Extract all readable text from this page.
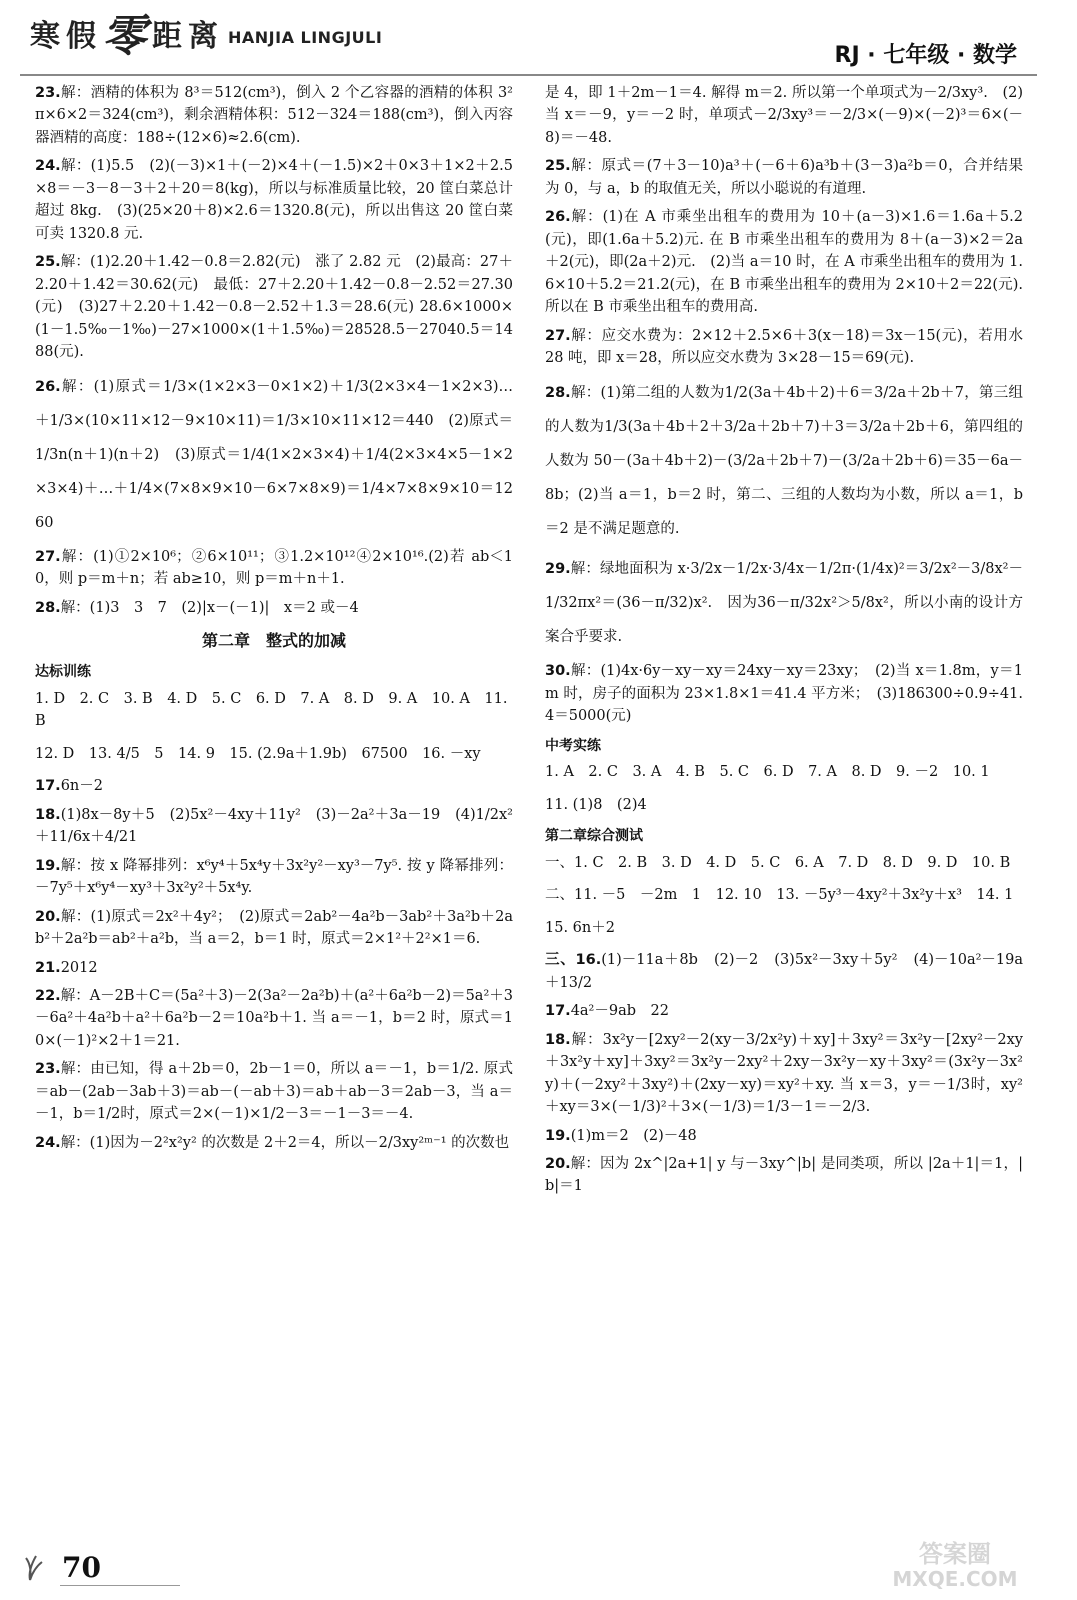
寒 假 零 距 离 HANJIA LINGJULI
RJ · 七年级 · 数学
23.解：酒精的体积为 8³＝512(cm³)，倒入 2 个乙容器的酒精的体积 3²π×6×2＝324(cm³)，剩余酒精体积：512－324＝188(cm³)，倒入丙容器酒精的高度：188÷(12×6)≈2.6(cm).
24.解：(1)5.5　(2)(－3)×1＋(－2)×4＋(－1.5)×2＋0×3＋1×2＋2.5×8＝－3－8－3＋2＋20＝8(kg)，所以与标准质量比较，20 筐白菜总计超过 8kg.　(3)(25×20＋8)×2.6＝1320.8(元)，所以出售这 20 筐白菜可卖 1320.8 元.
25.解：(1)2.20＋1.42－0.8＝2.82(元)　涨了 2.82 元　(2)最高：27＋2.20＋1.42＝30.62(元)　最低：27＋2.20＋1.42－0.8－2.52＝27.30(元)　(3)27＋2.20＋1.42－0.8－2.52＋1.3＝28.6(元) 28.6×1000×(1－1.5‰－1‰)－27×1000×(1＋1.5‰)＝28528.5－27040.5＝1488(元).
26.解：(1)原式＝1/3×(1×2×3－0×1×2)＋1/3(2×3×4－1×2×3)…＋1/3×(10×11×12－9×10×11)＝1/3×10×11×12＝440　(2)原式＝1/3n(n＋1)(n＋2)　(3)原式＝1/4(1×2×3×4)＋1/4(2×3×4×5－1×2×3×4)＋…＋1/4×(7×8×9×10－6×7×8×9)＝1/4×7×8×9×10＝1260
27.解：(1)①2×10⁶；②6×10¹¹；③1.2×10¹²④2×10¹⁶.(2)若 ab＜10，则 p＝m＋n；若 ab≥10，则 p＝m＋n＋1.
28.解：(1)3　3　7　(2)|x－(－1)|　x＝2 或－4
第二章　整式的加减
达标训练
1. D　2. C　3. B　4. D　5. C　6. D　7. A　8. D　9. A　10. A　11. B
12. D　13. 4/5　5　14. 9　15. (2.9a＋1.9b)　67500　16. －xy
17.6n－2
18.(1)8x－8y＋5　(2)5x²－4xy＋11y²　(3)－2a²＋3a－19　(4)1/2x²＋11/6x＋4/21
19.解：按 x 降幂排列：x⁶y⁴＋5x⁴y＋3x²y²－xy³－7y⁵. 按 y 降幂排列：－7y⁵＋x⁶y⁴－xy³＋3x²y²＋5x⁴y.
20.解：(1)原式＝2x²＋4y²；　(2)原式＝2ab²－4a²b－3ab²＋3a²b＋2ab²＋2a²b＝ab²＋a²b，当 a＝2，b＝1 时，原式＝2×1²＋2²×1＝6.
21.2012
22.解：A－2B＋C＝(5a²＋3)－2(3a²－2a²b)＋(a²＋6a²b－2)＝5a²＋3－6a²＋4a²b＋a²＋6a²b－2＝10a²b＋1. 当 a＝－1，b＝2 时，原式＝10×(－1)²×2＋1＝21.
23.解：由已知，得 a＋2b＝0，2b－1＝0，所以 a＝－1，b＝1/2. 原式＝ab－(2ab－3ab＋3)＝ab－(－ab＋3)＝ab＋ab－3＝2ab－3，当 a＝－1，b＝1/2时，原式＝2×(－1)×1/2－3＝－1－3＝－4.
24.解：(1)因为－2²x²y² 的次数是 2＋2＝4，所以－2/3xy²ᵐ⁻¹ 的次数也
是 4，即 1＋2m－1＝4. 解得 m＝2. 所以第一个单项式为－2/3xy³.　(2)当 x＝－9，y＝－2 时，单项式－2/3xy³＝－2/3×(－9)×(－2)³＝6×(－8)＝－48.
25.解：原式＝(7＋3－10)a³＋(－6＋6)a³b＋(3－3)a²b＝0，合并结果为 0，与 a，b 的取值无关，所以小聪说的有道理.
26.解：(1)在 A 市乘坐出租车的费用为 10＋(a－3)×1.6＝1.6a＋5.2(元)，即(1.6a＋5.2)元. 在 B 市乘坐出租车的费用为 8＋(a－3)×2＝2a＋2(元)，即(2a＋2)元.　(2)当 a＝10 时，在 A 市乘坐出租车的费用为 1.6×10＋5.2＝21.2(元)，在 B 市乘坐出租车的费用为 2×10＋2＝22(元). 所以在 B 市乘坐出租车的费用高.
27.解：应交水费为：2×12＋2.5×6＋3(x－18)＝3x－15(元)，若用水 28 吨，即 x＝28，所以应交水费为 3×28－15＝69(元).
28.解：(1)第二组的人数为1/2(3a＋4b＋2)＋6＝3/2a＋2b＋7，第三组的人数为1/3(3a＋4b＋2＋3/2a＋2b＋7)＋3＝3/2a＋2b＋6，第四组的人数为 50－(3a＋4b＋2)－(3/2a＋2b＋7)－(3/2a＋2b＋6)＝35－6a－8b；(2)当 a＝1，b＝2 时，第二、三组的人数均为小数，所以 a＝1，b＝2 是不满足题意的.
29.解：绿地面积为 x·3/2x－1/2x·3/4x－1/2π·(1/4x)²＝3/2x²－3/8x²－1/32πx²＝(36－π/32)x².　因为36－π/32x²＞5/8x²，所以小南的设计方案合乎要求.
30.解：(1)4x·6y－xy－xy＝24xy－xy＝23xy；　(2)当 x＝1.8m，y＝1m 时，房子的面积为 23×1.8×1＝41.4 平方米；　(3)186300÷0.9÷41.4＝5000(元)
中考实练
1. A　2. C　3. A　4. B　5. C　6. D　7. A　8. D　9. －2　10. 1
11. (1)8　(2)4
第二章综合测试
一、1. C　2. B　3. D　4. D　5. C　6. A　7. D　8. D　9. D　10. B
二、11. －5　－2m　1　12. 10　13. －5y³－4xy²＋3x²y＋x³　14. 1
15. 6n＋2
三、16.(1)－11a＋8b　(2)－2　(3)5x²－3xy＋5y²　(4)－10a²－19a＋13/2
17.4a²－9ab　22
18.解：3x²y－[2xy²－2(xy－3/2x²y)＋xy]＋3xy²＝3x²y－[2xy²－2xy＋3x²y＋xy]＋3xy²＝3x²y－2xy²＋2xy－3x²y－xy＋3xy²＝(3x²y－3x²y)＋(－2xy²＋3xy²)＋(2xy－xy)＝xy²＋xy. 当 x＝3，y＝－1/3时，xy²＋xy＝3×(－1/3)²＋3×(－1/3)＝1/3－1＝－2/3.
19.(1)m＝2　(2)－48
20.解：因为 2x^|2a+1| y 与－3xy^|b| 是同类项，所以 |2a＋1|＝1，|b|＝1
70	答案圈
MXQE.COM
